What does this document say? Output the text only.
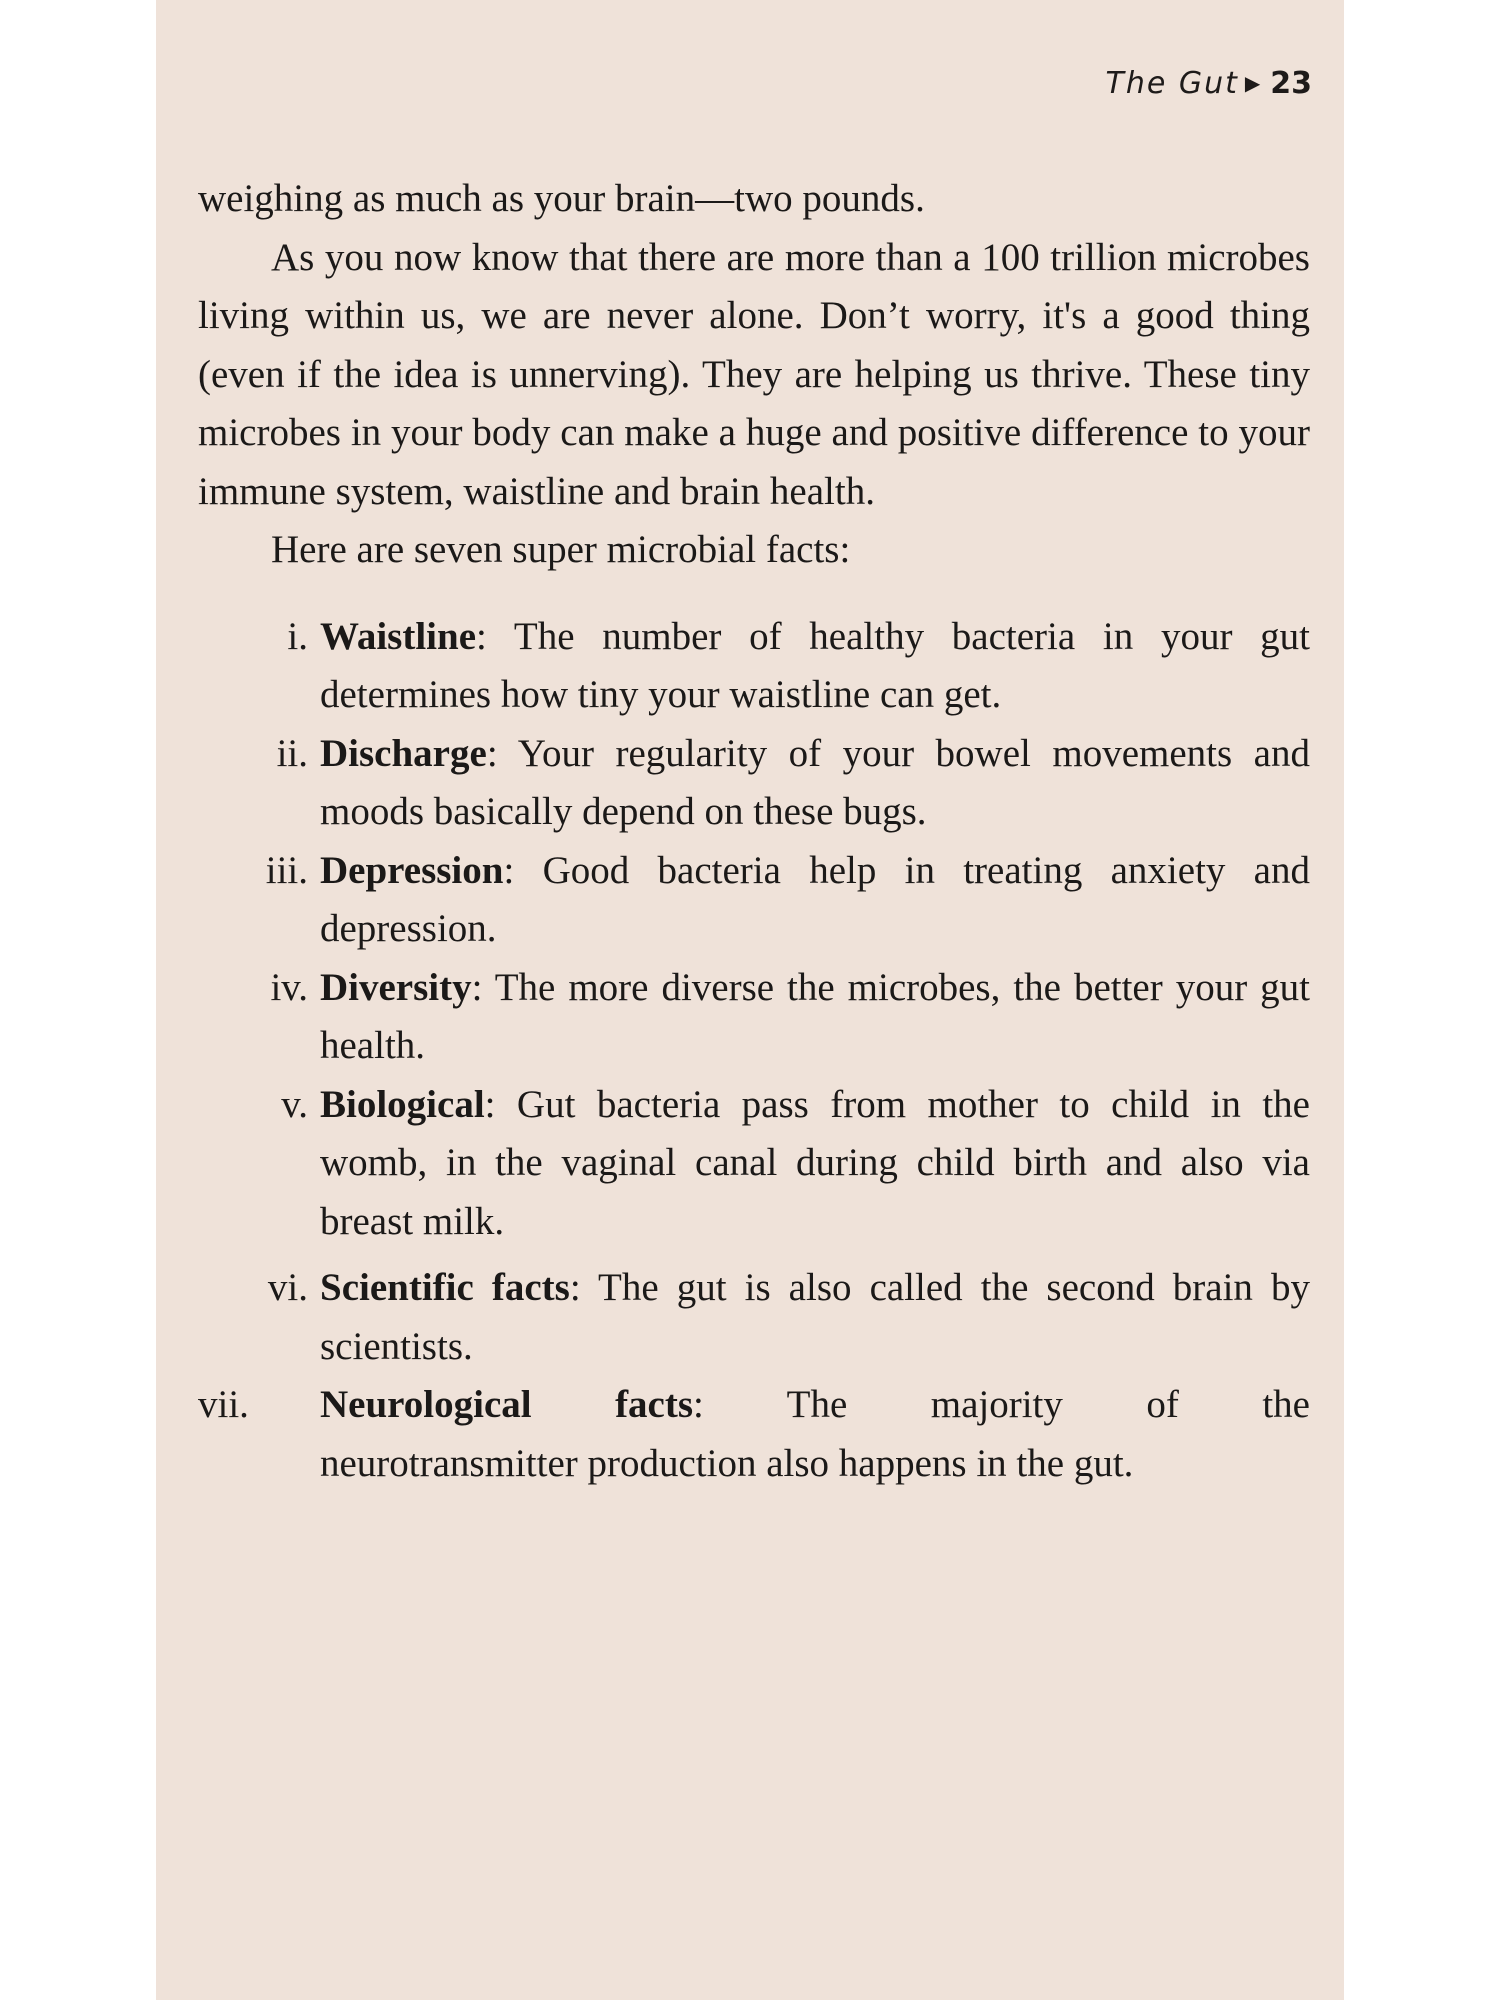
The Gut ▶ 23

weighing as much as your brain—two pounds.

As you now know that there are more than a 100 trillion microbes living within us, we are never alone. Don’t worry, it's a good thing (even if the idea is unnerving). They are helping us thrive. These tiny microbes in your body can make a huge and positive difference to your immune system, waistline and brain health.

Here are seven super microbial facts:

i. Waistline: The number of healthy bacteria in your gut determines how tiny your waistline can get.
ii. Discharge: Your regularity of your bowel movements and moods basically depend on these bugs.
iii. Depression: Good bacteria help in treating anxiety and depression.
iv. Diversity: The more diverse the microbes, the better your gut health.
v. Biological: Gut bacteria pass from mother to child in the womb, in the vaginal canal during child birth and also via breast milk.
vi. Scientific facts: The gut is also called the second brain by scientists.
vii.	Neurological facts: The majority of the
neurotransmitter production also happens in the gut.
